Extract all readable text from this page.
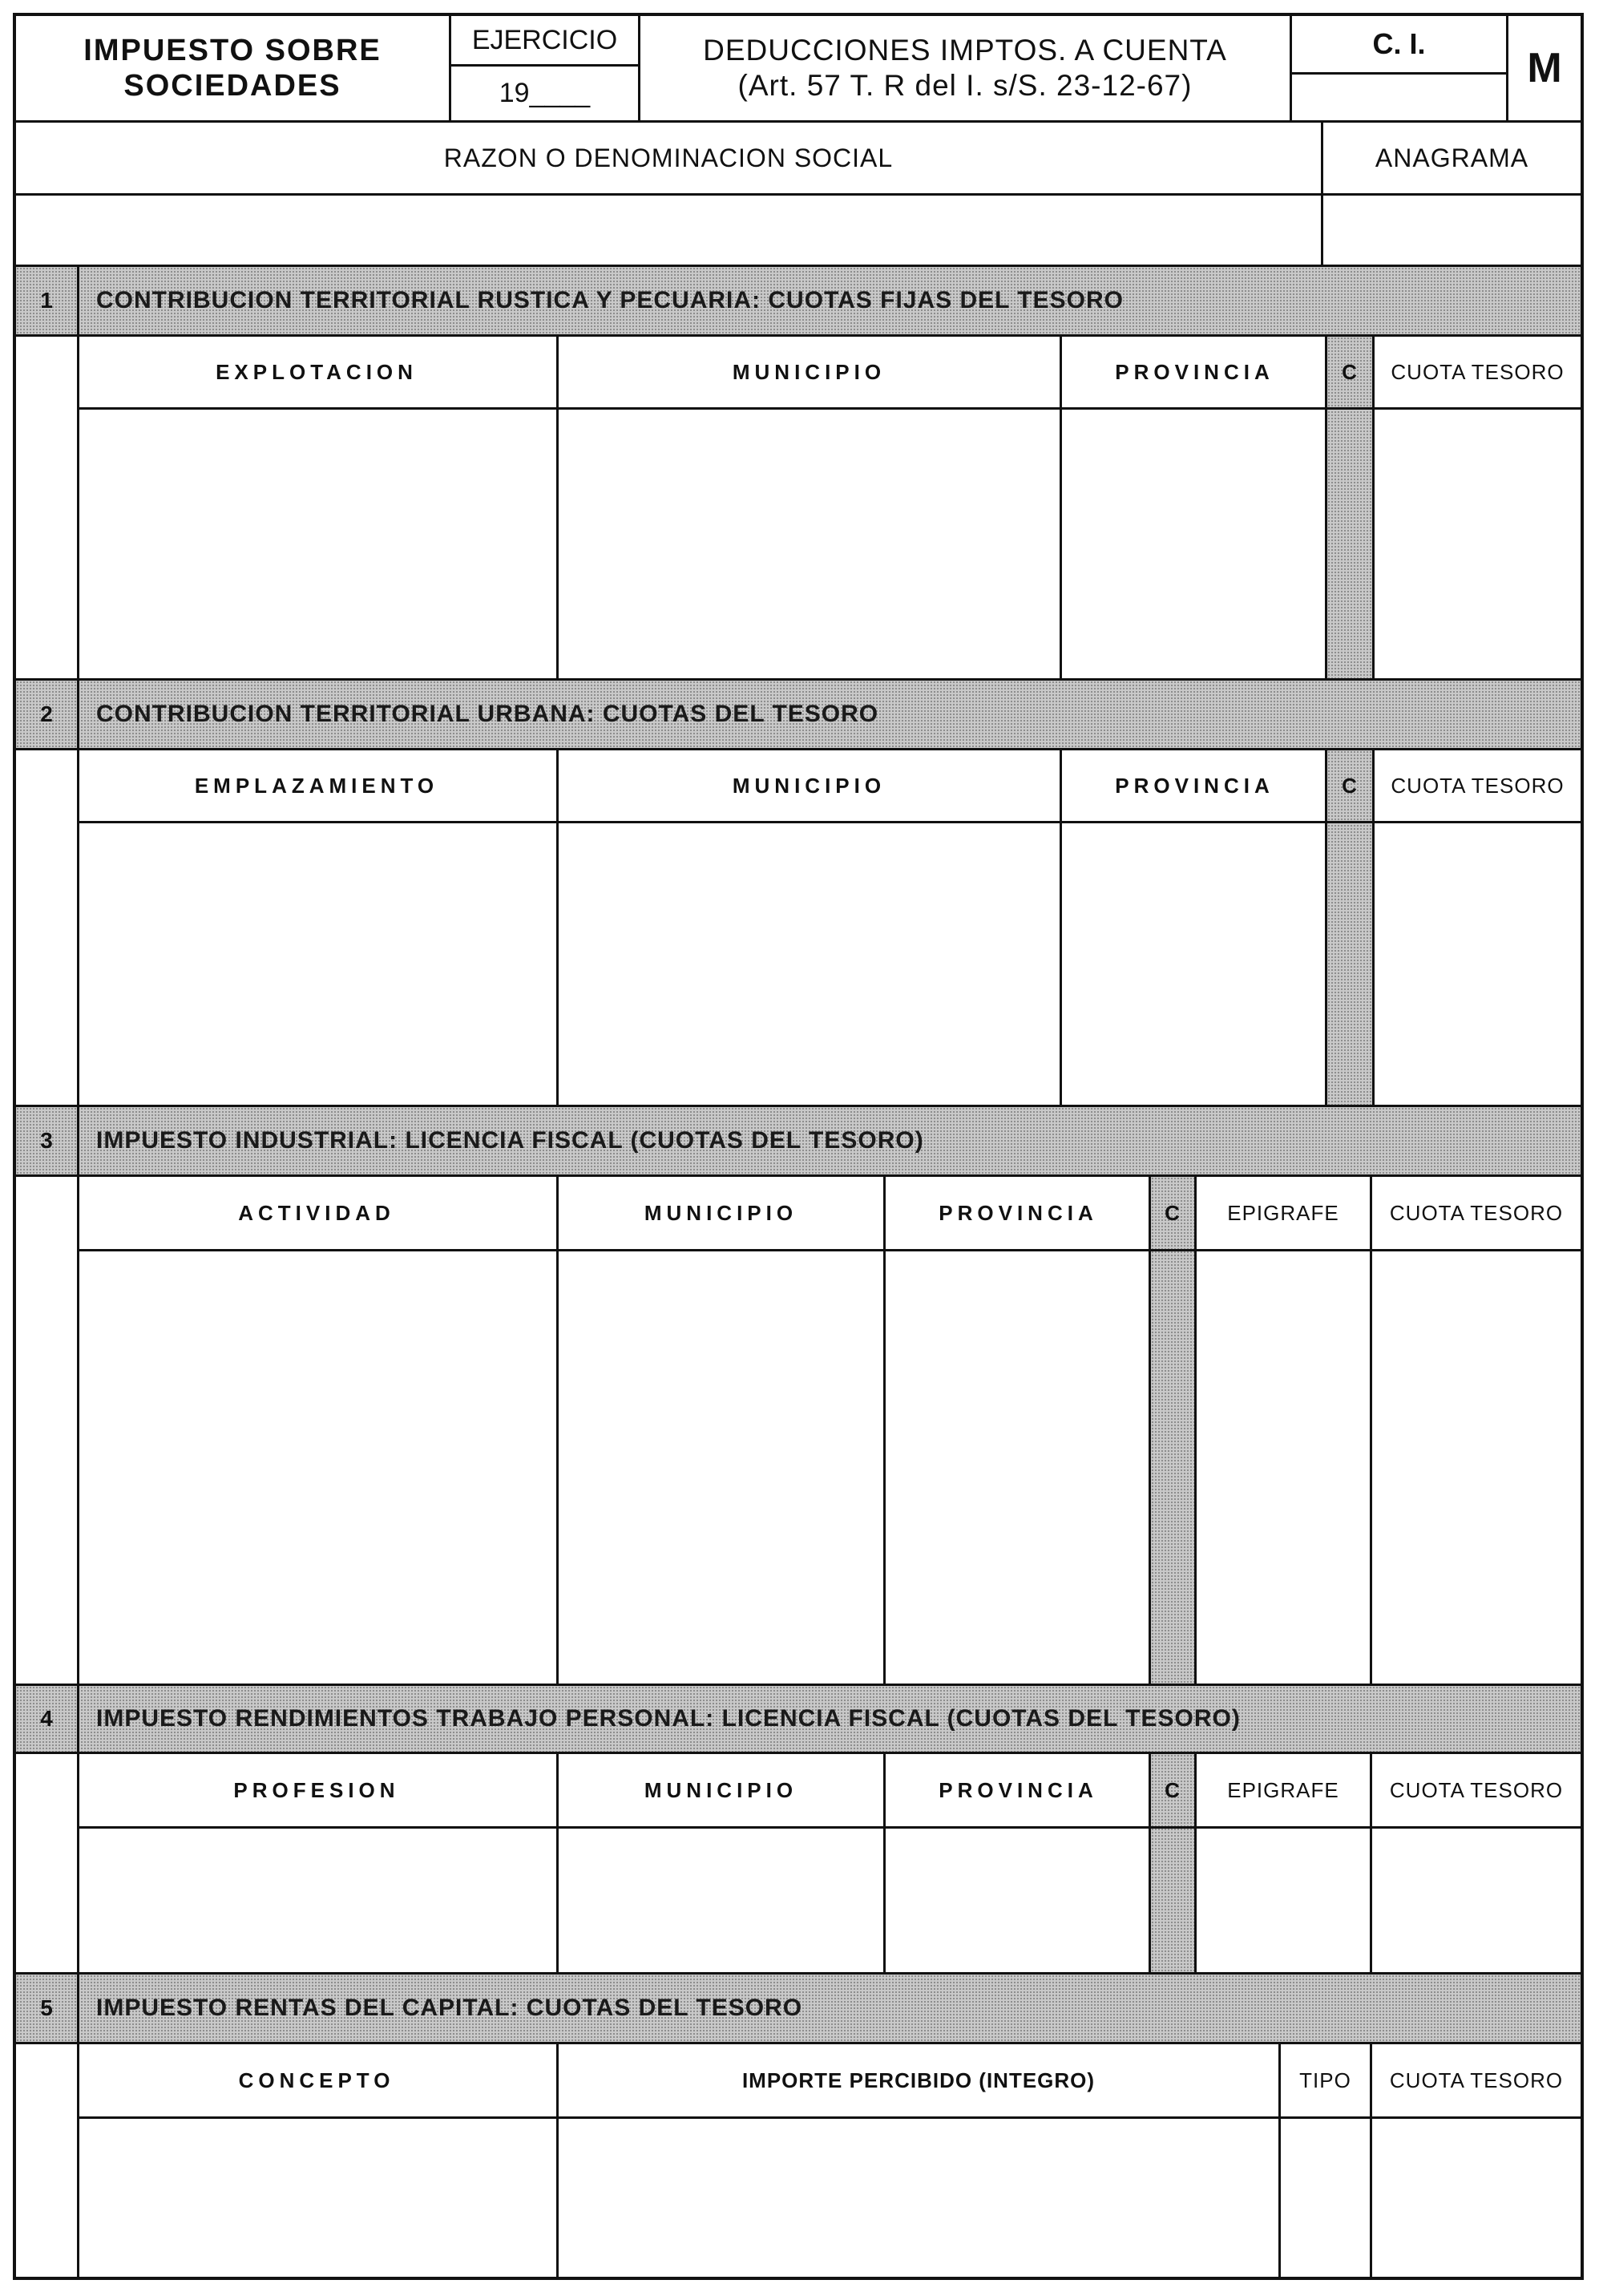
IMPUESTO SOBRE
SOCIEDADES
EJERCICIO
19____
DEDUCCIONES IMPTOS. A CUENTA
(Art. 57 T. R del I. s/S. 23-12-67)
C. I.
M
RAZON O DENOMINACION SOCIAL	ANAGRAMA
1	CONTRIBUCION TERRITORIAL RUSTICA Y PECUARIA: CUOTAS FIJAS DEL TESORO
EXPLOTACION	MUNICIPIO	PROVINCIA	C	CUOTA TESORO
2	CONTRIBUCION TERRITORIAL URBANA: CUOTAS DEL TESORO
EMPLAZAMIENTO	MUNICIPIO	PROVINCIA	C	CUOTA TESORO
3	IMPUESTO INDUSTRIAL: LICENCIA FISCAL (CUOTAS DEL TESORO)
ACTIVIDAD	MUNICIPIO	PROVINCIA	C	EPIGRAFE	CUOTA TESORO
4	IMPUESTO RENDIMIENTOS TRABAJO PERSONAL: LICENCIA FISCAL (CUOTAS DEL TESORO)
PROFESION	MUNICIPIO	PROVINCIA	C	EPIGRAFE	CUOTA TESORO
5	IMPUESTO RENTAS DEL CAPITAL: CUOTAS DEL TESORO
CONCEPTO	IMPORTE PERCIBIDO (INTEGRO)	TIPO	CUOTA TESORO
